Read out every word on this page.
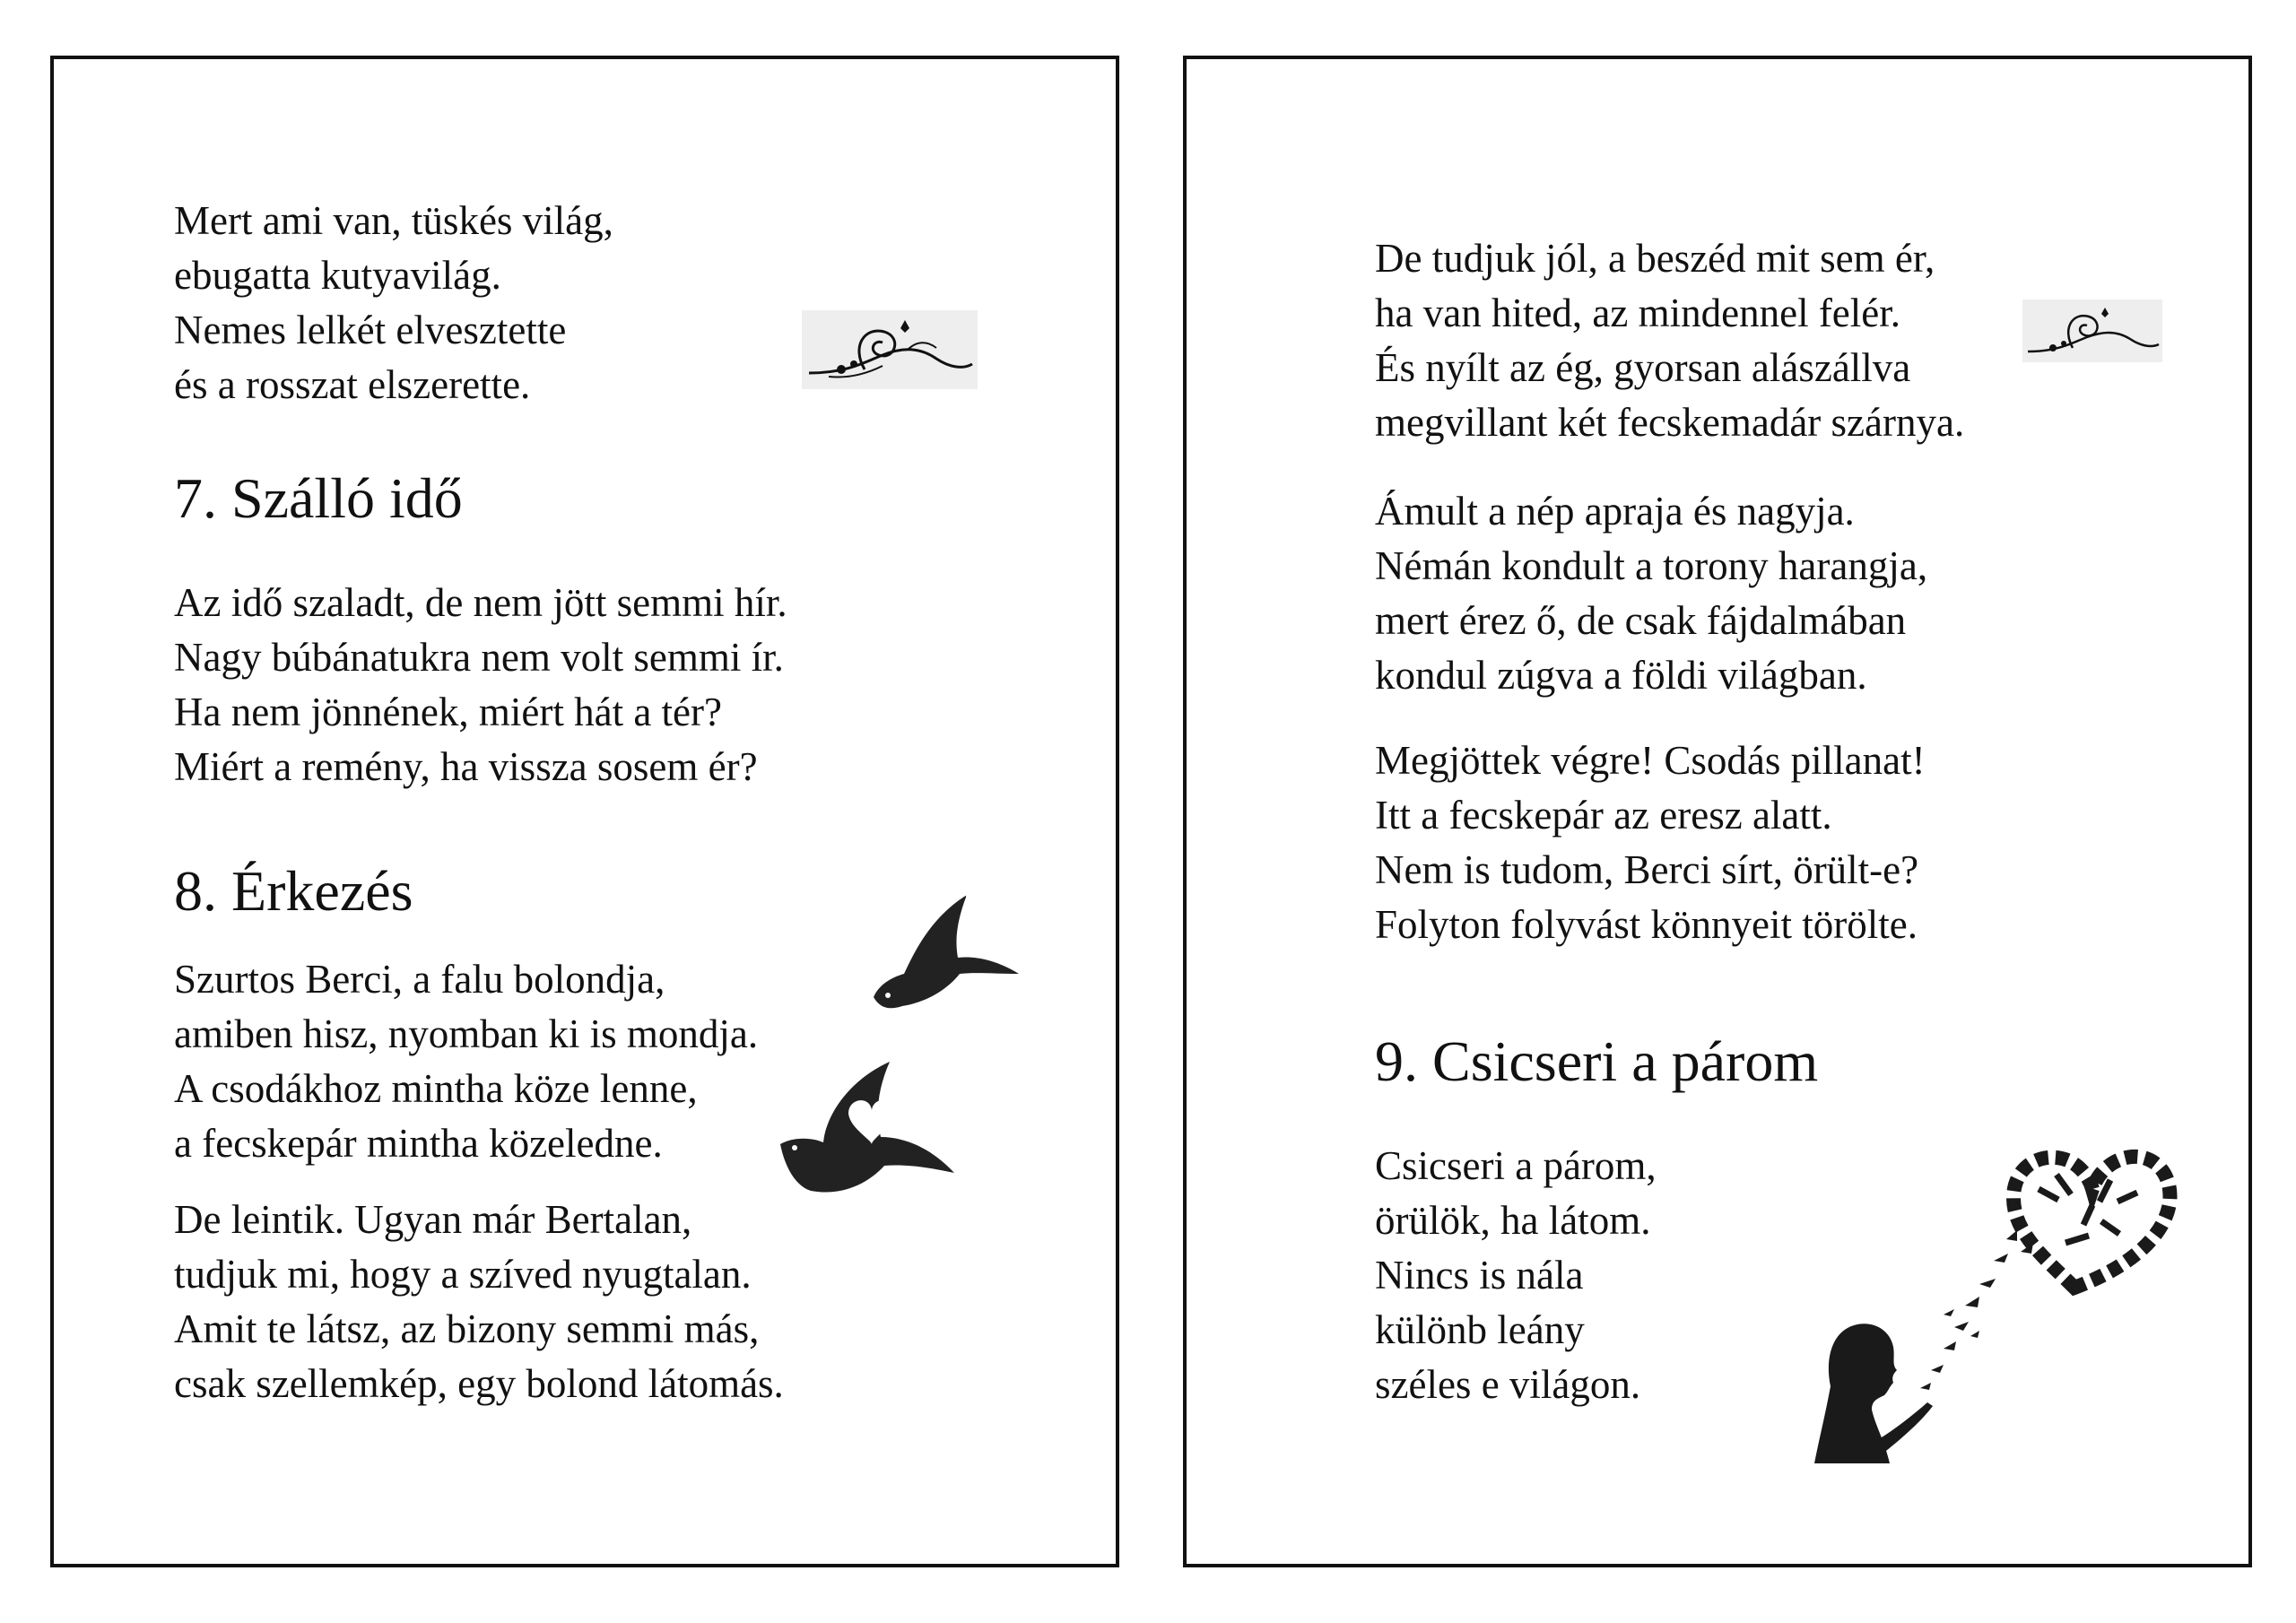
Mert ami van, tüskés világ,
ebugatta kutyavilág.
Nemes lelkét elvesztette
és a rosszat elszerette.
7. Szálló idő
Az idő szaladt, de nem jött semmi hír.
Nagy búbánatukra nem volt semmi ír.
Ha nem jönnének, miért hát a tér?
Miért a remény, ha vissza sosem ér?
8. Érkezés
Szurtos Berci, a falu bolondja,
amiben hisz, nyomban ki is mondja.
A csodákhoz mintha köze lenne,
a fecskepár mintha közeledne.
De leintik. Ugyan már Bertalan,
tudjuk mi, hogy a szíved nyugtalan.
Amit te látsz, az bizony semmi más,
csak szellemkép, egy bolond látomás.
De tudjuk jól, a beszéd mit sem ér,
ha van hited, az mindennel felér.
És nyílt az ég, gyorsan alászállva
megvillant két fecskemadár szárnya.
Ámult a nép apraja és nagyja.
Némán kondult a torony harangja,
mert érez ő, de csak fájdalmában
kondul zúgva a földi világban.
Megjöttek végre! Csodás pillanat!
Itt a fecskepár az eresz alatt.
Nem is tudom, Berci sírt, örült-e?
Folyton folyvást könnyeit törölte.
9. Csicseri a párom
Csicseri a párom,
örülök, ha látom.
Nincs is nála
különb leány
széles e világon.
